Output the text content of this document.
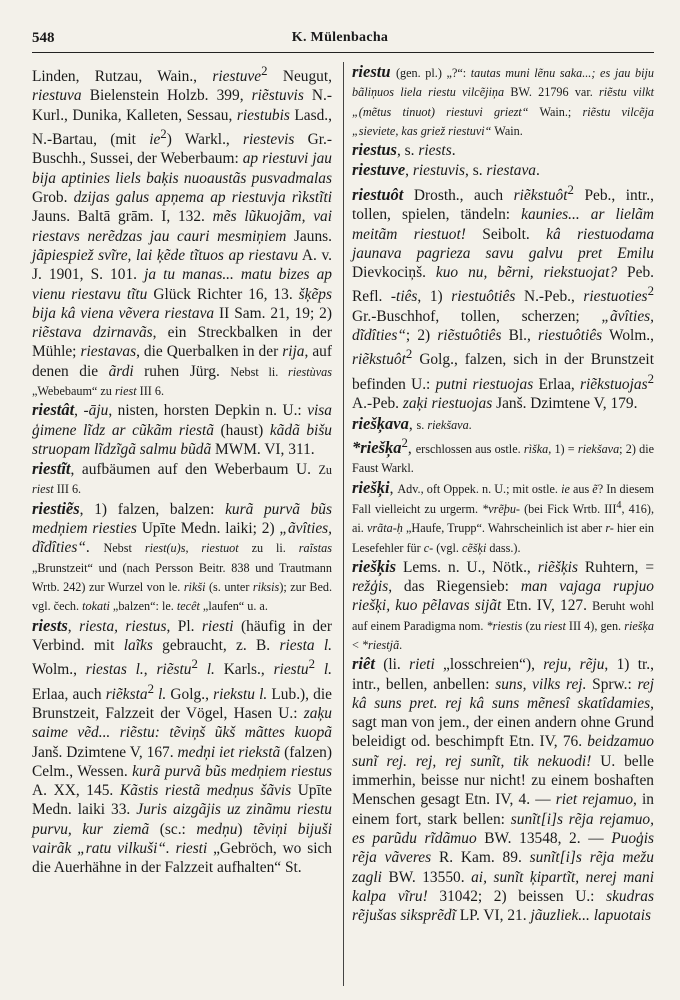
548	K. Mülenbacha

Linden, Rutzau, Wain., riestuve$^2$ Neugut, riestuva Bielenstein Holzb. 399, riẽstuvis N.-Kurl., Dunika, Kalleten, Sessau, riestubis Lasd., N.-Bartau, (mit $ie^2$) Warkl., riestevis Gr.-Buschh., Sussei, der Weberbaum: ap riestuvi jau bija aptinies liels baķis nuoaustãs pusvadmalas Grob. dzijas galus apņema ap riestuvja rìkstĩti Jauns. Baltā grām. I, 132. mẽs lũkuojãm, vai riestavs nerẽdzas jau cauri mesmiņiem Jauns. jãpiespiež svĩre, lai ķẽde tĩtuos ap riestavu A. v. J. 1901, S. 101. ja tu manas... matu bizes ap vienu riestavu tĩtu Glück Richter 16, 13. šķẽps bija kâ viena vẽvera riestava II Sam. 21, 19; 2) riẽstava dzirnavãs, ein Streckbalken in der Mühle; riestavas, die Querbalken in der rija, auf denen die ãrdi ruhen Jürg. Nebst li. riestùvas „Webebaum“ zu riest III 6.

riestât, -āju, nisten, horsten Depkin n. U.: visa ģimene lĩdz ar cũkãm riestã (haust) kãdã bišu struopam lĩdzĩgã salmu bũdã MWM. VI, 311.

riestĩt, aufbäumen auf den Weberbaum U. Zu riest III 6.

riestiẽs, 1) falzen, balzen: kurã purvã bũs medņiem riesties Upīte Medn. laiki; 2) „ãvîties, dĩdîties“. Nebst riest(u)s, riestuot zu li. raĩstas „Brunstzeit“ und (nach Persson Beitr. 838 und Trautmann Wrtb. 242) zur Wurzel von le. rikši (s. unter riksis); zur Bed. vgl. čech. tokati „balzen“: le. tecêt „laufen“ u. a.

riests, riesta, riestus, Pl. riesti (häufig in der Verbind. mit laĩks gebraucht, z. B. riesta l. Wolm., riestas l., riẽstu$^2$ l. Karls., riestu$^2$ l. Erlaa, auch riẽksta$^2$ l. Golg., riekstu l. Lub.), die Brunstzeit, Falzzeit der Vögel, Hasen U.: zaķu saime vẽd... riẽstu: tẽviņš ũkš mãttes kuopã Janš. Dzimtene V, 167. medņi iet riekstã (falzen) Celm., Wessen. kurã purvã bũs medņiem riestus A. XX, 145. Kãstis riestã medņus šãvis Upīte Medn. laiki 33. Juris aizgãjis uz zinãmu riestu purvu, kur ziemã (sc.: medņu) tẽviņi bijuši vairãk „ratu vilkuši“. riesti „Gebröch, wo sich die Auerhähne in der Falzzeit aufhalten“ St.

riestu (gen. pl.) „?“: tautas muni lẽnu saka...; es jau biju bãliņuos liela riestu vilcẽjiņa BW. 21796 var. riẽstu vilkt „(mẽtus tinuot) riestuvi griezt“ Wain.; riẽstu vilcẽja „sieviete, kas griež riestuvi“ Wain.

riestus, s. riests.

riestuve, riestuvis, s. riestava.

riestuôt Drosth., auch riẽkstuôt$^2$ Peb., intr., tollen, spielen, tändeln: kaunies... ar lielãm meitãm riestuot! Seibolt. kâ riestuodama jaunava pagrieza savu galvu pret Emilu Dievkociņš. kuo nu, bẽrni, riekstuojat? Peb. Refl. -tiês, 1) riestuôtiês N.-Peb., riestuoties$^2$ Gr.-Buschhof, tollen, scherzen; „ãvîties, dĩdîties“; 2) riẽstuôtiês Bl., riestuôtiês Wolm., riẽkstuôt$^2$ Golg., falzen, sich in der Brunstzeit befinden U.: putni riestuojas Erlaa, riẽkstuojas$^2$ A.-Peb. zaķi riestuojas Janš. Dzimtene V, 179.

riešk̦ava, s. riekšava.

$*riešk̦a^2$, erschlossen aus ostle. rìška, 1) = riekšava; 2) die Faust Warkl.

riešk̦i, Adv., oft Oppek. n. U.; mit ostle. ie aus ẽ? In diesem Fall vielleicht zu urgerm. *vrẽþu- (bei Fick Wrtb. III$^4$, 416), ai. vrãta-ḥ „Haufe, Trupp“. Wahrscheinlich ist aber r- hier ein Lesefehler für c- (vgl. cẽšķi dass.).

riešk̦is Lems. n. U., Nötk., riẽšķis Ruhtern, = režģis, das Riegensieb: man vajaga rupjuo riešķi, kuo pẽlavas sijãt Etn. IV, 127. Beruht wohl auf einem Paradigma nom. *riestis (zu riest III 4), gen. riešķa < *riestjã.

riêt (li. rieti „losschreien“), reju, rẽju, 1) tr., intr., bellen, anbellen: suns, vilks rej. Sprw.: rej kâ suns pret. rej kâ suns mẽnesî skatîdamies, sagt man von jem., der einen andern ohne Grund beleidigt od. beschimpft Etn. IV, 76. beidzamuo sunĩ rej. rej, rej sunĩt, tik nekuodi! U. belle immerhin, beisse nur nicht! zu einem boshaften Menschen gesagt Etn. IV, 4. — riet rejamuo, in einem fort, stark bellen: sunĩt[i]s rẽja rejamuo, es parũdu rĩdãmuo BW. 13548, 2. — Puoģis rẽja vãveres R. Kam. 89. sunĩt[i]s rẽja mežu zagli BW. 13550. ai, sunĩt ķipartĩt, nerej mani kalpa vĩru! 31042; 2) beissen U.: skudras rẽjušas siksprẽdĩ LP. VI, 21. jãuzliek... lapuotais
